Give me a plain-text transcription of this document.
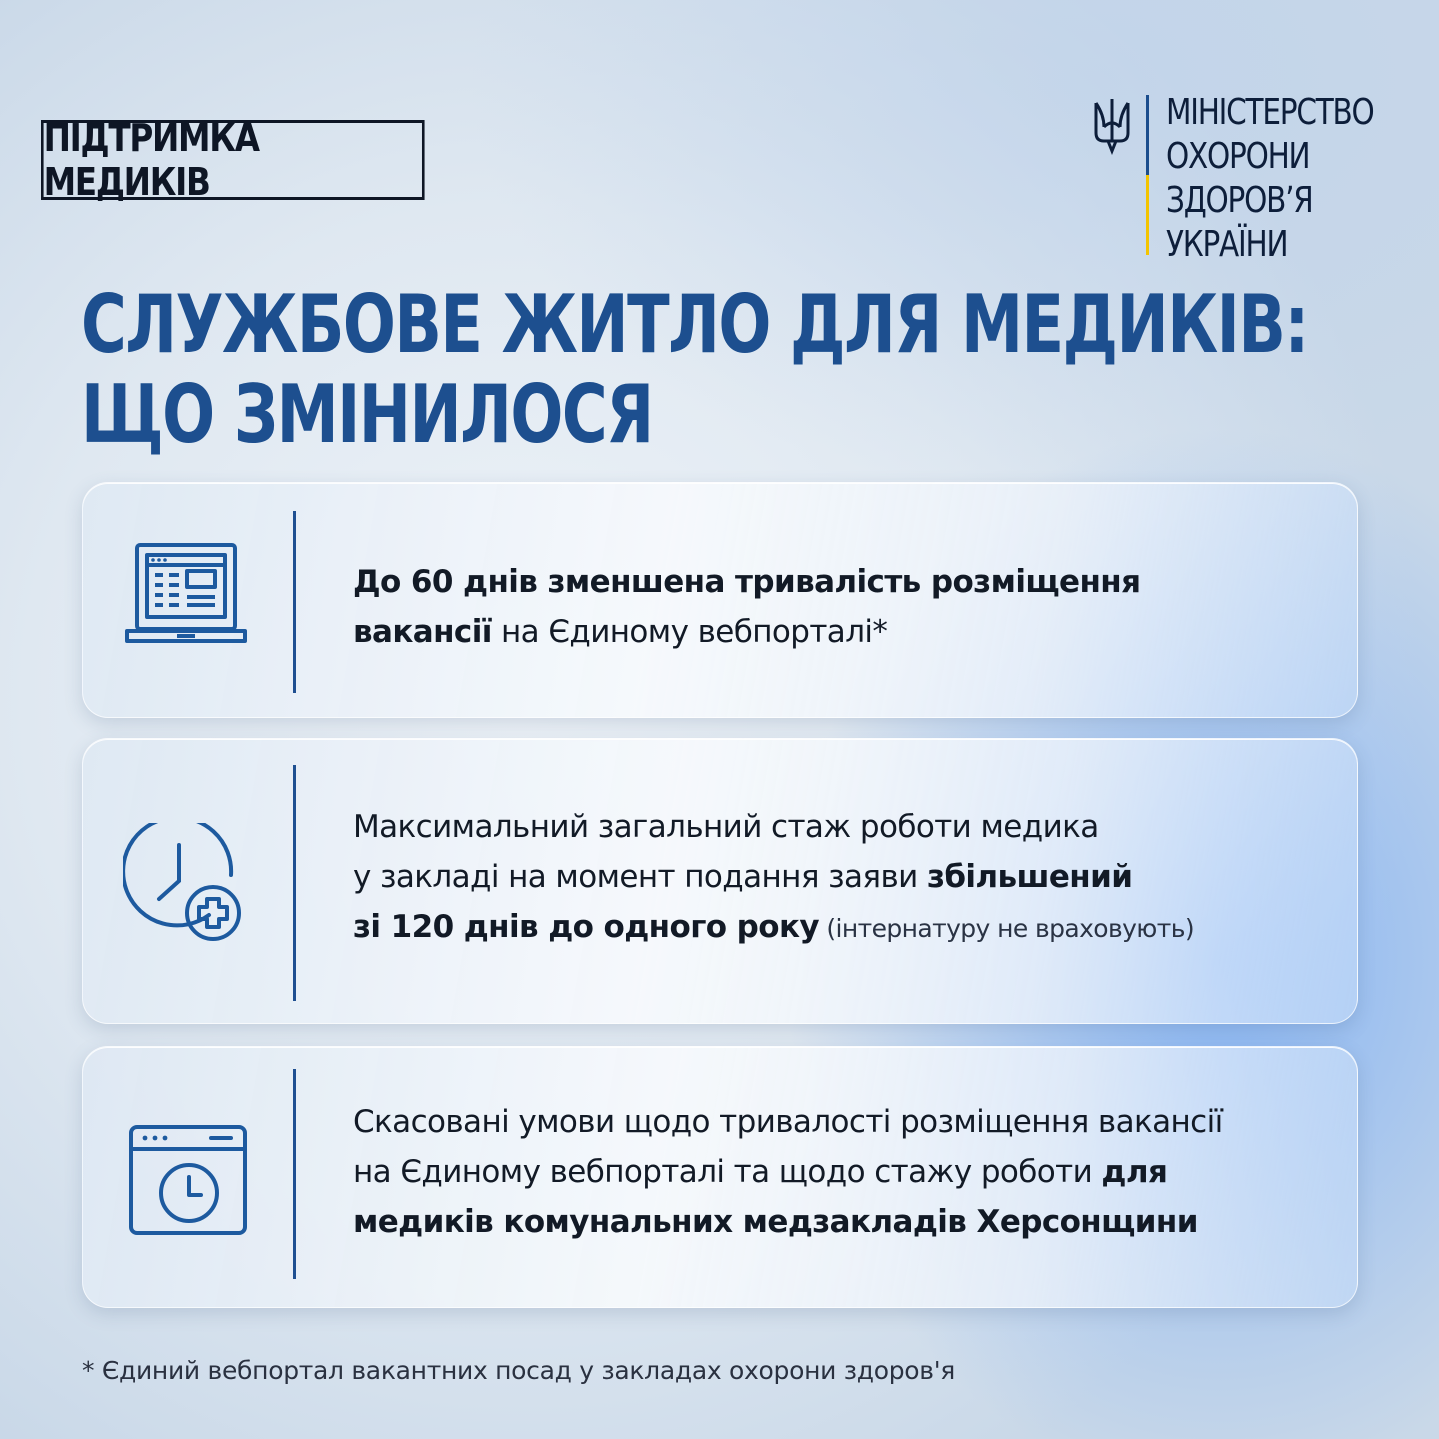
ПІДТРИМКА МЕДИКІВ
МІНІСТЕРСТВО
ОХОРОНИ
ЗДОРОВ’Я
УКРАЇНИ
СЛУЖБОВЕ ЖИТЛО ДЛЯ МЕДИКІВ:
ЩО ЗМІНИЛОСЯ
До 60 днів зменшена тривалість розміщення
вакансії на Єдиному вебпорталі*
Максимальний загальний стаж роботи медика
у закладі на момент подання заяви збільшений
зі 120 днів до одного року (інтернатуру не враховують)
Скасовані умови щодо тривалості розміщення вакансії
на Єдиному вебпорталі та щодо стажу роботи для
медиків комунальних медзакладів Херсонщини
* Єдиний вебпортал вакантних посад у закладах охорони здоров'я
